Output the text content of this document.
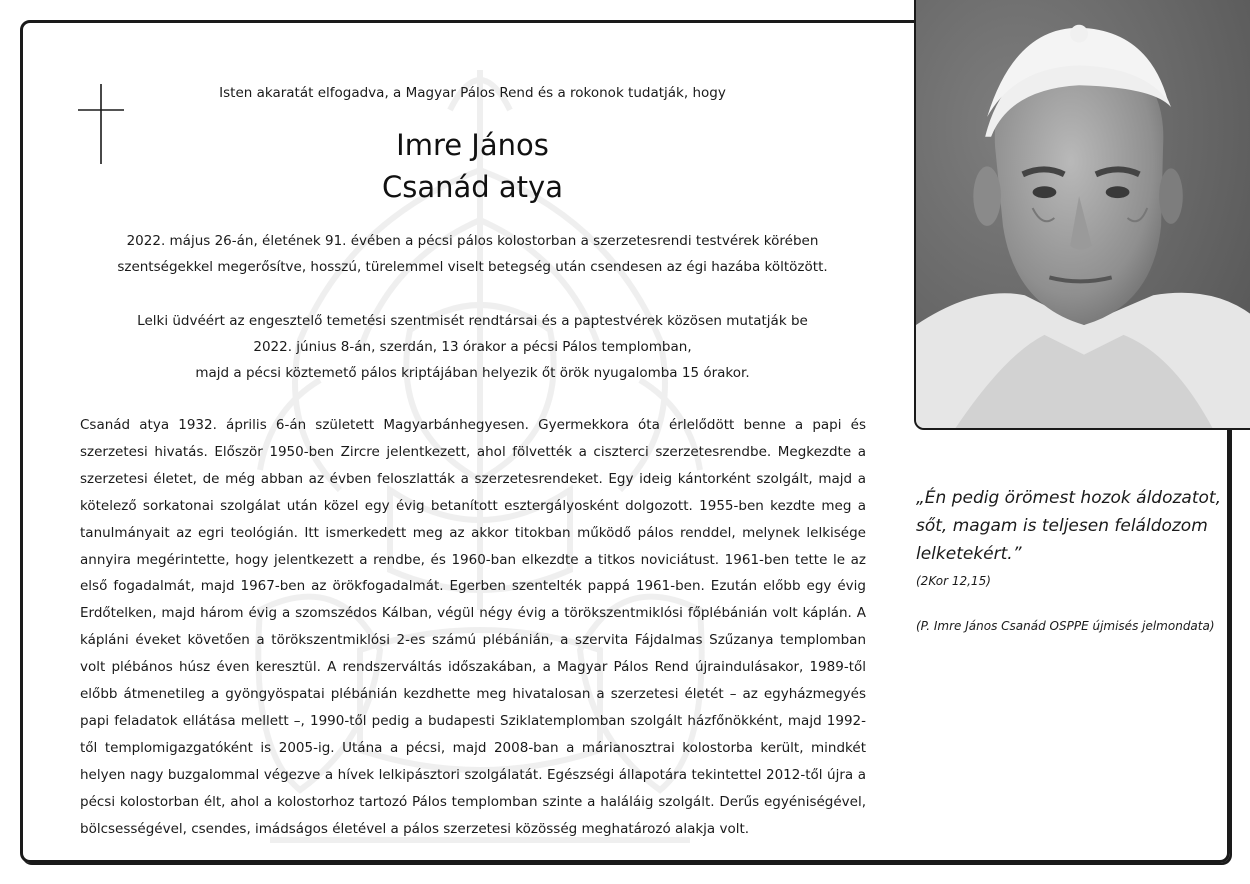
Isten akaratát elfogadva, a Magyar Pálos Rend és a rokonok tudatják, hogy

Imre János
Csanád atya

2022. május 26-án, életének 91. évében a pécsi pálos kolostorban a szerzetesrendi testvérek körében szentségekkel megerősítve, hosszú, türelemmel viselt betegség után csendesen az égi hazába költözött.

Lelki üdvéért az engesztelő temetési szentmisét rendtársai és a paptestvérek közösen mutatják be
2022. június 8-án, szerdán, 13 órakor a pécsi Pálos templomban,
majd a pécsi köztemető pálos kriptájában helyezik őt örök nyugalomba 15 órakor.

Csanád atya 1932. április 6-án született Magyarbánhegyesen. Gyermekkora óta érlelődött benne a papi és szerzetesi hivatás. Először 1950-ben Zircre jelentkezett, ahol fölvették a ciszterci szerzetesrendbe. Megkezdte a szerzetesi életet, de még abban az évben feloszlatták a szerzetesrendeket. Egy ideig kántorként szolgált, majd a kötelező sorkatonai szolgálat után közel egy évig betanított esztergályosként dolgozott. 1955-ben kezdte meg a tanulmányait az egri teológián. Itt ismerkedett meg az akkor titokban működő pálos renddel, melynek lelkisége annyira megérintette, hogy jelentkezett a rendbe, és 1960-ban elkezdte a titkos noviciátust. 1961-ben tette le az első fogadalmát, majd 1967-ben az örökfogadalmát. Egerben szentelték pappá 1961-ben. Ezután előbb egy évig Erdőtelken, majd három évig a szomszédos Kálban, végül négy évig a törökszentmiklósi főplébánián volt káplán. A kápláni éveket követően a törökszentmiklósi 2-es számú plébánián, a szervita Fájdalmas Szűzanya templomban volt plébános húsz éven keresztül. A rendszerváltás időszakában, a Magyar Pálos Rend újraindulásakor, 1989-től előbb átmenetileg a gyöngyöspatai plébánián kezdhette meg hivatalosan a szerzetesi életét – az egyházmegyés papi feladatok ellátása mellett –, 1990-től pedig a budapesti Sziklatemplomban szolgált házfőnökként, majd 1992-től templomigazgatóként is 2005-ig. Utána a pécsi, majd 2008-ban a márianosztrai kolostorba került, mindkét helyen nagy buzgalommal végezve a hívek lelkipásztori szolgálatát. Egészségi állapotára tekintettel 2012-től újra a pécsi kolostorban élt, ahol a kolostorhoz tartozó Pálos templomban szinte a haláláig szolgált. Derűs egyéniségével, bölcsességével, csendes, imádságos életével a pálos szerzetesi közösség meghatározó alakja volt.

„Én pedig örömest hozok áldozatot, sőt, magam is teljesen feláldozom lelketekért.”

(2Kor 12,15)

(P. Imre János Csanád OSPPE újmisés jelmondata)
